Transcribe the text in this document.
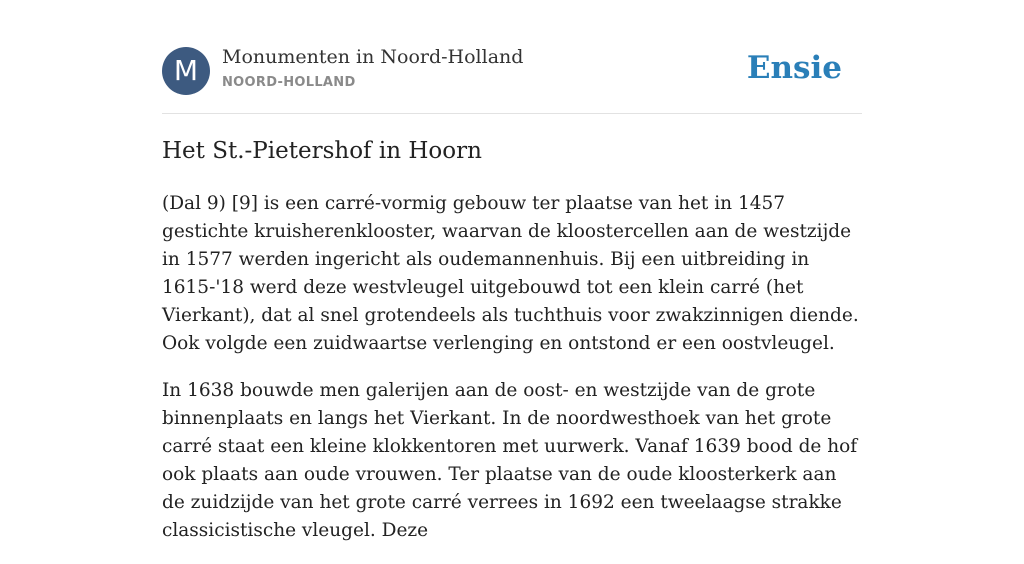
M	Monumenten in Noord-Holland
NOORD-HOLLAND	Ensie
Het St.-Pietershof in Hoorn

(Dal 9) [9] is een carré-vormig gebouw ter plaatse van het in 1457 gestichte kruisherenklooster, waarvan de kloostercellen aan de westzijde in 1577 werden ingericht als oudemannenhuis. Bij een uitbreiding in 1615-'18 werd deze westvleugel uitgebouwd tot een klein carré (het Vierkant), dat al snel grotendeels als tuchthuis voor zwakzinnigen diende. Ook volgde een zuidwaartse verlenging en ontstond er een oostvleugel.

In 1638 bouwde men galerijen aan de oost- en westzijde van de grote binnenplaats en langs het Vierkant. In de noordwesthoek van het grote carré staat een kleine klokkentoren met uurwerk. Vanaf 1639 bood de hof ook plaats aan oude vrouwen. Ter plaatse van de oude kloosterkerk aan de zuidzijde van het grote carré verrees in 1692 een tweelaagse strakke classicistische vleugel. Deze
